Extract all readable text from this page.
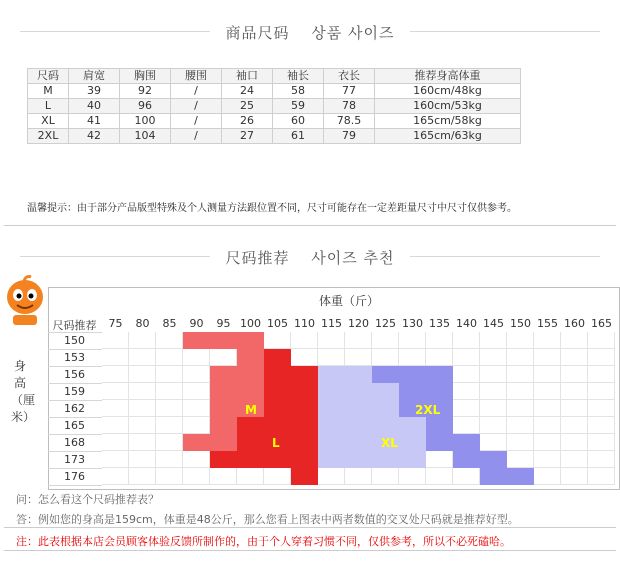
商品尺码　 상품 사이즈
尺码	肩宽	胸围	腰围	袖口	袖长	衣长	推荐身高体重
M	39	92	/	24	58	77	160cm/48kg
L	40	96	/	25	59	78	160cm/53kg
XL	41	100	/	26	60	78.5	165cm/58kg
2XL	42	104	/	27	61	79	165cm/63kg
温馨提示：由于部分产品版型特殊及个人测量方法跟位置不同，尺寸可能存在一定差距量尺寸中尺寸仅供参考。
尺码推荐　 사이즈 추천
体重（斤）
尺码推荐
身高（厘米）
75	80	85	90	95 100 105 110 115 120 125 130 135 140 145 150 155 160 165
150
153
156
159
162
165
168
173
176
M
L	XL
2XL
问：怎么看这个尺码推荐表？
答：例如您的身高是159cm，体重是48公斤，那么您看上图表中两者数值的交叉处尺码就是推荐好型。
注：此表根据本店会员顾客体验反馈所制作的，由于个人穿着习惯不同，仅供参考，所以不必死磕哈。
